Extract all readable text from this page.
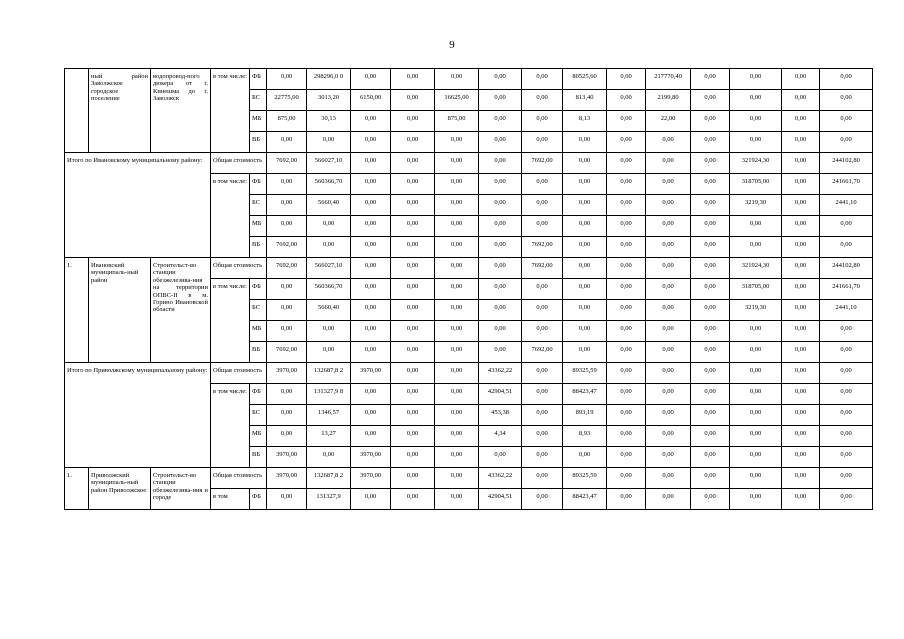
9
	ный район Заволжское городское поселение	водопровод-ного дюкера от г. Кинешма до г. Заволжск	в том числе:	ФБ	0,00	298296,0 0	0,00	0,00	0,00	0,00	0,00	80525,60	0,00	217770,40	0,00	0,00	0,00	0,00
				БС	22775,00	3013,20	6150,00	0,00	16625,00	0,00	0,00	813,40	0,00	2199,80	0,00	0,00	0,00	0,00
				МБ	875,00	30,13	0,00	0,00	875,00	0,00	0,00	8,13	0,00	22,00	0,00	0,00	0,00	0,00
				ВБ	0,00	0,00	0,00	0,00	0,00	0,00	0,00	0,00	0,00	0,00	0,00	0,00	0,00	0,00
Итого по Ивановскому муниципальному району:			Общая стоимость		7692,00	566027,10	0,00	0,00	0,00	0,00	7692,00	0,00	0,00	0,00	0,00	321924,30	0,00	244102,80
			в том числе:	ФБ	0,00	560366,70	0,00	0,00	0,00	0,00	0,00	0,00	0,00	0,00	0,00	318705,00	0,00	241661,70
				БС	0,00	5660,40	0,00	0,00	0,00	0,00	0,00	0,00	0,00	0,00	0,00	3219,30	0,00	2441,10
				МБ	0,00	0,00	0,00	0,00	0,00	0,00	0,00	0,00	0,00	0,00	0,00	0,00	0,00	0,00
				ВБ	7692,00	0,00	0,00	0,00	0,00	0,00	7692,00	0,00	0,00	0,00	0,00	0,00	0,00	0,00
1.	Ивановский муниципаль-ный район	Строительст-во станции обезжелезива-ния на территории ОПВС-II в м. Горино Ивановской области	Общая стоимость		7692,00	566027,10	0,00	0,00	0,00	0,00	7692,00	0,00	0,00	0,00	0,00	321924,30	0,00	244102,80
			в том числе:	ФБ	0,00	560366,70	0,00	0,00	0,00	0,00	0,00	0,00	0,00	0,00	0,00	318705,00	0,00	241661,70
				БС	0,00	5660,40	0,00	0,00	0,00	0,00	0,00	0,00	0,00	0,00	0,00	3219,30	0,00	2441,10
				МБ	0,00	0,00	0,00	0,00	0,00	0,00	0,00	0,00	0,00	0,00	0,00	0,00	0,00	0,00
				ВБ	7692,00	0,00	0,00	0,00	0,00	0,00	7692,00	0,00	0,00	0,00	0,00	0,00	0,00	0,00
Итого по Приволжскому муниципальному району:			Общая стоимость		3970,00	132687,8 2	3970,00	0,00	0,00	43362,22	0,00	89325,59	0,00	0,00	0,00	0,00	0,00	0,00
			в том числе:	ФБ	0,00	131327,9 8	0,00	0,00	0,00	42904,51	0,00	88423,47	0,00	0,00	0,00	0,00	0,00	0,00
				БС	0,00	1346,57	0,00	0,00	0,00	453,38	0,00	893,19	0,00	0,00	0,00	0,00	0,00	0,00
				МБ	0,00	13,27	0,00	0,00	0,00	4,34	0,00	8,93	0,00	0,00	0,00	0,00	0,00	0,00
				ВБ	3970,00	0,00	3970,00	0,00	0,00	0,00	0,00	0,00	0,00	0,00	0,00	0,00	0,00	0,00
1.	Приволжский муниципаль-ный район Приволжское	Строительст-во станции обезжелезива-ния в городе	Общая стоимость		3970,00	132687,8 2	3970,00	0,00	0,00	43362,22	0,00	89325,59	0,00	0,00	0,00	0,00	0,00	0,00
			в том	ФБ	0,00	131327,9	0,00	0,00	0,00	42904,51	0,00	88423,47	0,00	0,00	0,00	0,00	0,00	0,00
